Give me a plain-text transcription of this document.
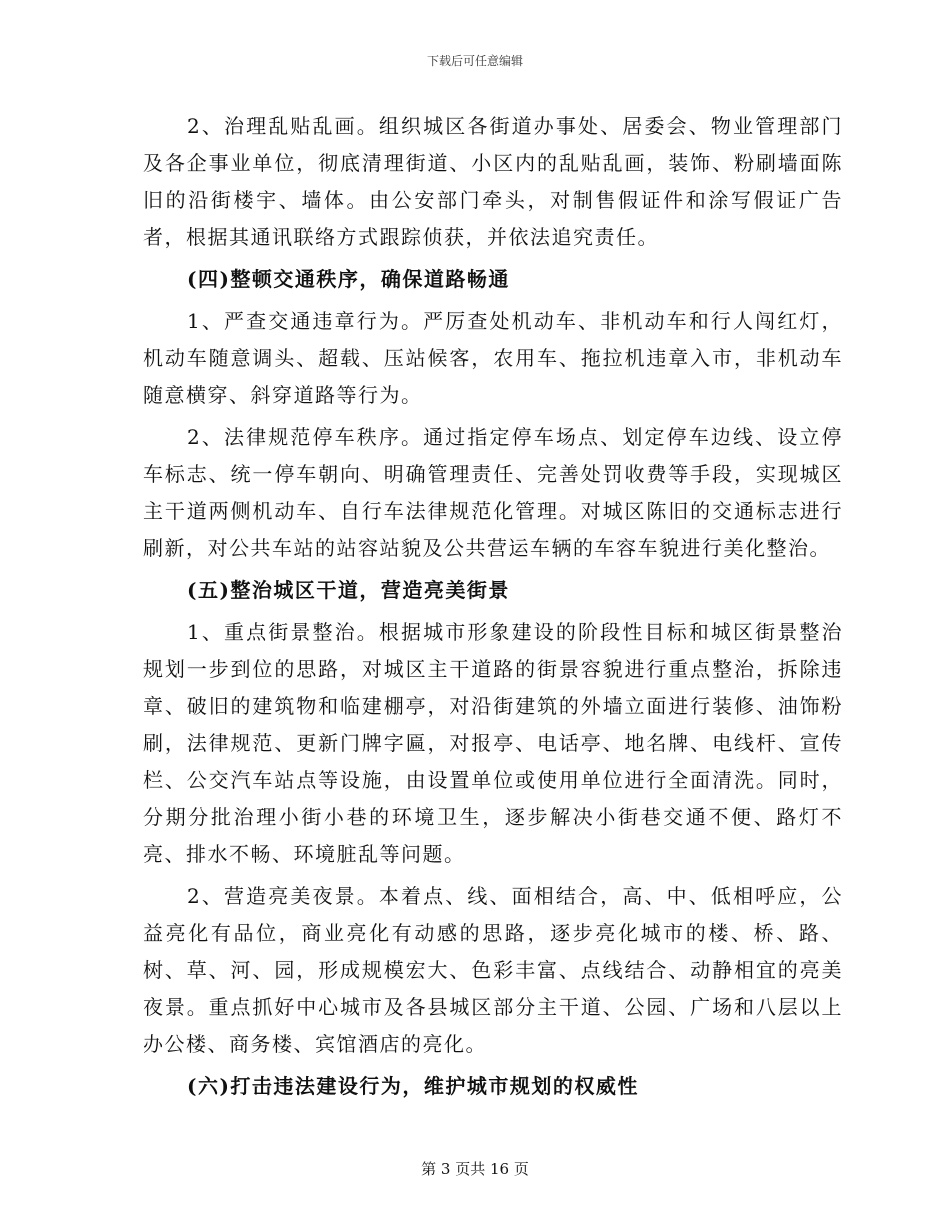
下载后可任意编辑

2、治理乱贴乱画。组织城区各街道办事处、居委会、物业管理部门及各企事业单位，彻底清理街道、小区内的乱贴乱画，装饰、粉刷墙面陈旧的沿街楼宇、墙体。由公安部门牵头，对制售假证件和涂写假证广告者，根据其通讯联络方式跟踪侦获，并依法追究责任。

(四)整顿交通秩序，确保道路畅通

1、严查交通违章行为。严厉查处机动车、非机动车和行人闯红灯，机动车随意调头、超载、压站候客，农用车、拖拉机违章入市，非机动车随意横穿、斜穿道路等行为。

2、法律规范停车秩序。通过指定停车场点、划定停车边线、设立停车标志、统一停车朝向、明确管理责任、完善处罚收费等手段，实现城区主干道两侧机动车、自行车法律规范化管理。对城区陈旧的交通标志进行刷新，对公共车站的站容站貌及公共营运车辆的车容车貌进行美化整治。

(五)整治城区干道，营造亮美街景

1、重点街景整治。根据城市形象建设的阶段性目标和城区街景整治规划一步到位的思路，对城区主干道路的街景容貌进行重点整治，拆除违章、破旧的建筑物和临建棚亭，对沿街建筑的外墙立面进行装修、油饰粉刷，法律规范、更新门牌字匾，对报亭、电话亭、地名牌、电线杆、宣传栏、公交汽车站点等设施，由设置单位或使用单位进行全面清洗。同时，分期分批治理小街小巷的环境卫生，逐步解决小街巷交通不便、路灯不亮、排水不畅、环境脏乱等问题。

2、营造亮美夜景。本着点、线、面相结合，高、中、低相呼应，公益亮化有品位，商业亮化有动感的思路，逐步亮化城市的楼、桥、路、树、草、河、园，形成规模宏大、色彩丰富、点线结合、动静相宜的亮美夜景。重点抓好中心城市及各县城区部分主干道、公园、广场和八层以上办公楼、商务楼、宾馆酒店的亮化。

(六)打击违法建设行为，维护城市规划的权威性

第 3 页共 16 页
